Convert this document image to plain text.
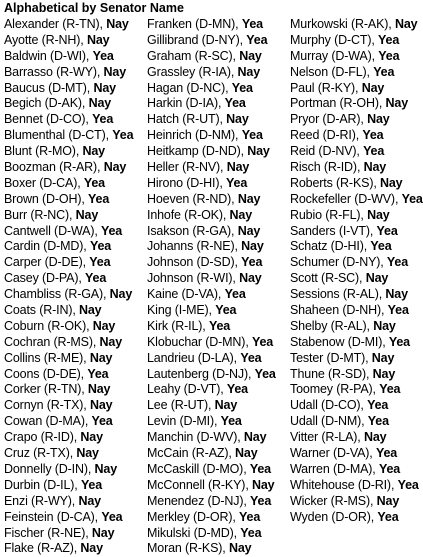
Alphabetical by Senator Name
Alexander (R-TN), Nay
Ayotte (R-NH), Nay
Baldwin (D-WI), Yea
Barrasso (R-WY), Nay
Baucus (D-MT), Nay
Begich (D-AK), Nay
Bennet (D-CO), Yea
Blumenthal (D-CT), Yea
Blunt (R-MO), Nay
Boozman (R-AR), Nay
Boxer (D-CA), Yea
Brown (D-OH), Yea
Burr (R-NC), Nay
Cantwell (D-WA), Yea
Cardin (D-MD), Yea
Carper (D-DE), Yea
Casey (D-PA), Yea
Chambliss (R-GA), Nay
Coats (R-IN), Nay
Coburn (R-OK), Nay
Cochran (R-MS), Nay
Collins (R-ME), Nay
Coons (D-DE), Yea
Corker (R-TN), Nay
Cornyn (R-TX), Nay
Cowan (D-MA), Yea
Crapo (R-ID), Nay
Cruz (R-TX), Nay
Donnelly (D-IN), Nay
Durbin (D-IL), Yea
Enzi (R-WY), Nay
Feinstein (D-CA), Yea
Fischer (R-NE), Nay
Flake (R-AZ), Nay
Franken (D-MN), Yea
Gillibrand (D-NY), Yea
Graham (R-SC), Nay
Grassley (R-IA), Nay
Hagan (D-NC), Yea
Harkin (D-IA), Yea
Hatch (R-UT), Nay
Heinrich (D-NM), Yea
Heitkamp (D-ND), Nay
Heller (R-NV), Nay
Hirono (D-HI), Yea
Hoeven (R-ND), Nay
Inhofe (R-OK), Nay
Isakson (R-GA), Nay
Johanns (R-NE), Nay
Johnson (D-SD), Yea
Johnson (R-WI), Nay
Kaine (D-VA), Yea
King (I-ME), Yea
Kirk (R-IL), Yea
Klobuchar (D-MN), Yea
Landrieu (D-LA), Yea
Lautenberg (D-NJ), Yea
Leahy (D-VT), Yea
Lee (R-UT), Nay
Levin (D-MI), Yea
Manchin (D-WV), Nay
McCain (R-AZ), Nay
McCaskill (D-MO), Yea
McConnell (R-KY), Nay
Menendez (D-NJ), Yea
Merkley (D-OR), Yea
Mikulski (D-MD), Yea
Moran (R-KS), Nay
Murkowski (R-AK), Nay
Murphy (D-CT), Yea
Murray (D-WA), Yea
Nelson (D-FL), Yea
Paul (R-KY), Nay
Portman (R-OH), Nay
Pryor (D-AR), Nay
Reed (D-RI), Yea
Reid (D-NV), Yea
Risch (R-ID), Nay
Roberts (R-KS), Nay
Rockefeller (D-WV), Yea
Rubio (R-FL), Nay
Sanders (I-VT), Yea
Schatz (D-HI), Yea
Schumer (D-NY), Yea
Scott (R-SC), Nay
Sessions (R-AL), Nay
Shaheen (D-NH), Yea
Shelby (R-AL), Nay
Stabenow (D-MI), Yea
Tester (D-MT), Nay
Thune (R-SD), Nay
Toomey (R-PA), Yea
Udall (D-CO), Yea
Udall (D-NM), Yea
Vitter (R-LA), Nay
Warner (D-VA), Yea
Warren (D-MA), Yea
Whitehouse (D-RI), Yea
Wicker (R-MS), Nay
Wyden (D-OR), Yea
